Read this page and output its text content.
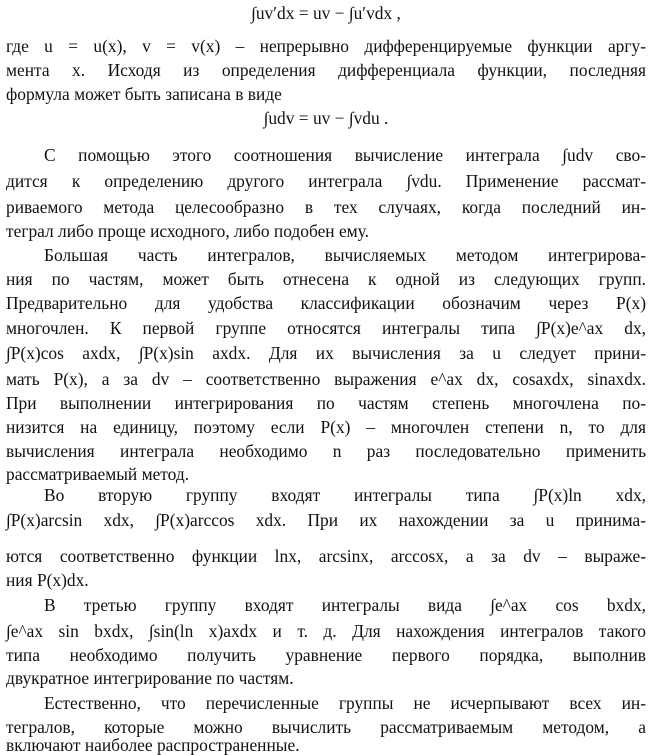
∫uv′dx = uv − ∫u′vdx ,
где u = u(x), v = v(x) – непрерывно дифференцируемые функции аргу-
мента x. Исходя из определения дифференциала функции, последняя
формула может быть записана в виде
∫udv = uv − ∫vdu .
С помощью этого соотношения вычисление интеграла ∫udv сво-
дится к определению другого интеграла ∫vdu. Применение рассмат-
риваемого метода целесообразно в тех случаях, когда последний ин-
теграл либо проще исходного, либо подобен ему.
Большая часть интегралов, вычисляемых методом интегрирова-
ния по частям, может быть отнесена к одной из следующих групп.
Предварительно для удобства классификации обозначим через P(x)
многочлен. К первой группе относятся интегралы типа ∫P(x)e^ax dx,
∫P(x)cos axdx, ∫P(x)sin axdx. Для их вычисления за u следует прини-
мать P(x), а за dv – соответственно выражения e^ax dx, cosaxdx, sinaxdx.
При выполнении интегрирования по частям степень многочлена по-
низится на единицу, поэтому если P(x) – многочлен степени n, то для
вычисления интеграла необходимо n раз последовательно применить
рассматриваемый метод.
Во вторую группу входят интегралы типа ∫P(x)ln xdx,
∫P(x)arcsin xdx, ∫P(x)arccos xdx. При их нахождении за u принима-
ются соответственно функции lnx, arcsinx, arccosx, а за dv – выраже-
ния P(x)dx.
В третью группу входят интегралы вида ∫e^ax cos bxdx,
∫e^ax sin bxdx, ∫sin(ln x)axdx и т. д. Для нахождения интегралов такого
типа необходимо получить уравнение первого порядка, выполнив
двукратное интегрирование по частям.
Естественно, что перечисленные группы не исчерпывают всех ин-
тегралов, которые можно вычислить рассматриваемым методом, а
включают наиболее распространенные.
